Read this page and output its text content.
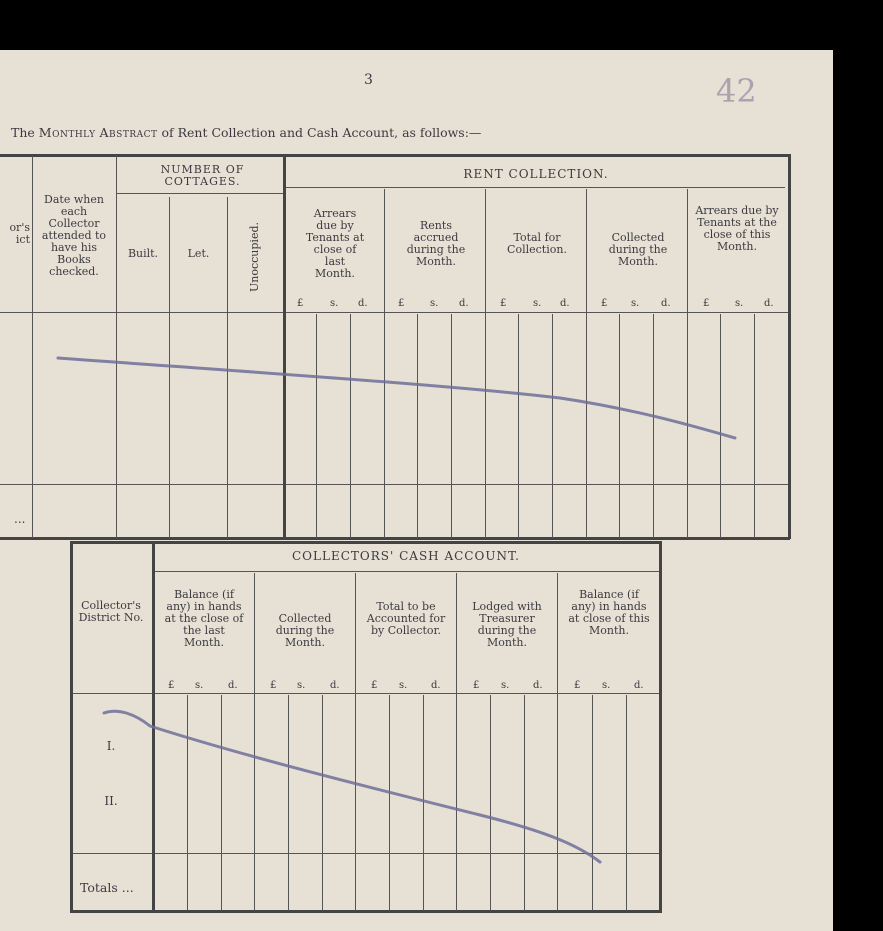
3	42
The Monthly Abstract of Rent Collection and Cash Account, as follows:—
or's
ict
Date when each Collector attended to have his Books checked.
NUMBER OF COTTAGES.
Built.	Let.	Unoccupied.
RENT COLLECTION.
Arrears due by Tenants at close of last Month.
Rents accrued during the Month.
Total for Collection.
Collected during the Month.
Arrears due by Tenants at the close of this Month.
£	s. d.	£	s. d.	£	s. d.	£ s. d.	£	s. d.
...
COLLECTORS' CASH ACCOUNT.
Collector's District No.
Balance (if any) in hands at the close of the last Month.
Collected during the Month.
Total to be Accounted for by Collector.
Lodged with Treasurer during the Month.
Balance (if any) in hands at close of this Month.
£ s. d.	£ s. d.	£ s. d.	£ s. d.	£ s. d.
I.
II.
Totals ...
